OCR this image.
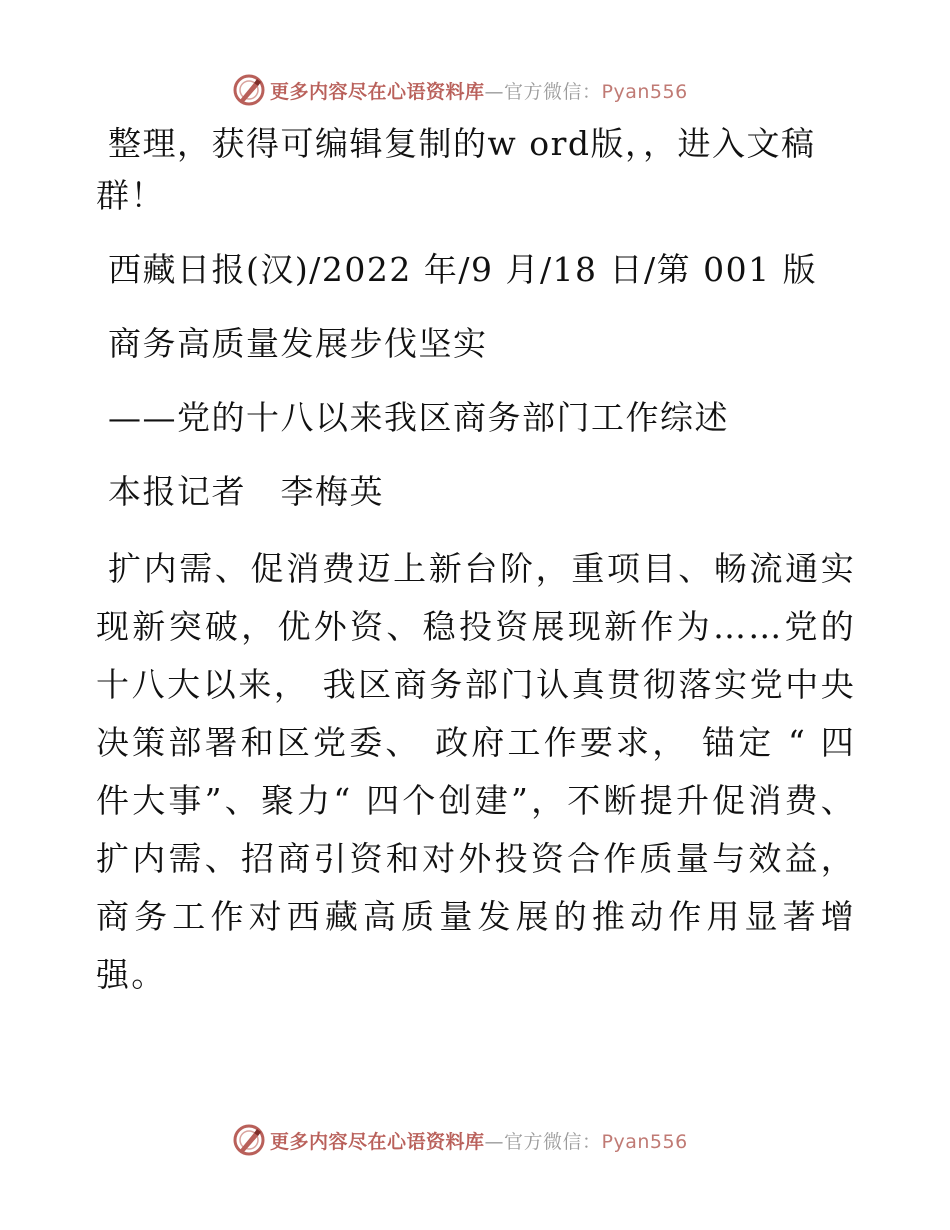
更多内容尽在心语资料库—官方微信：Pyan556

整理，获得可编辑复制的w ord版，，进入文稿群！

西藏日报(汉)/2022 年/9 月/18 日/第 001 版

商务高质量发展步伐坚实

——党的十八以来我区商务部门工作综述

本报记者　李梅英

扩内需、促消费迈上新台阶，重项目、畅流通实现新突破，优外资、稳投资展现新作为……党的十八大以来， 我区商务部门认真贯彻落实党中央决策部署和区党委、 政府工作要求， 锚定 “ 四件大事”、聚力“ 四个创建”，不断提升促消费、扩内需、招商引资和对外投资合作质量与效益，商务工作对西藏高质量发展的推动作用显著增强。

更多内容尽在心语资料库—官方微信：Pyan556
